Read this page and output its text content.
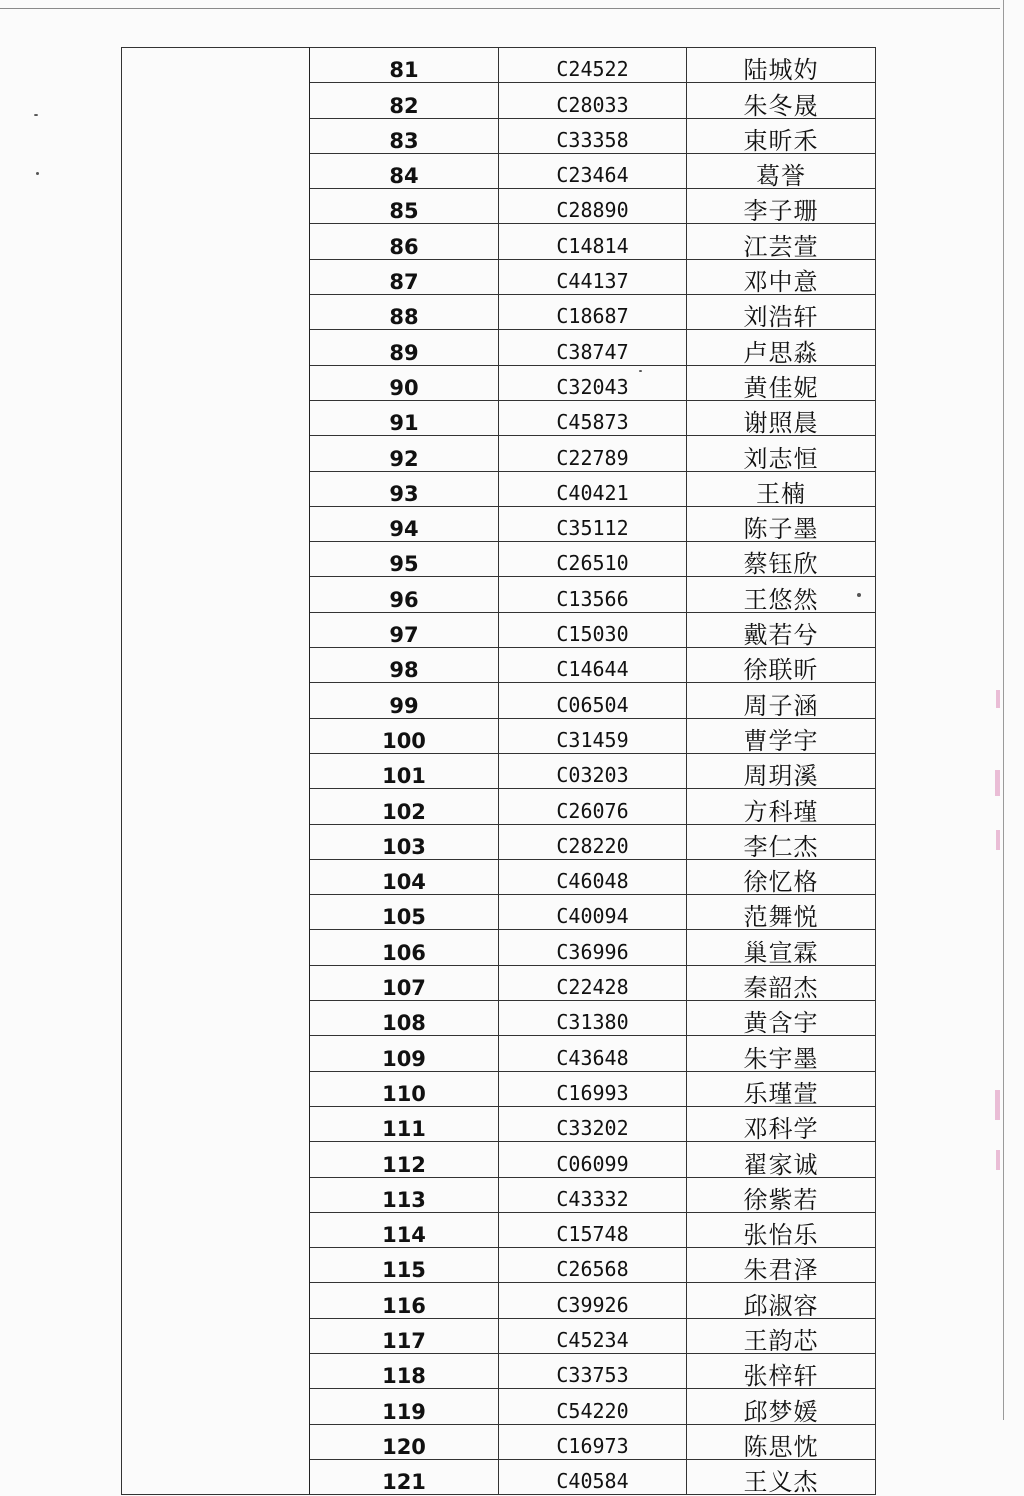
	81	C24522	陆城妁
	82	C28033	朱冬晟
	83	C33358	束昕禾
	84	C23464	葛誉
	85	C28890	李子珊
	86	C14814	江芸萱
	87	C44137	邓中意
	88	C18687	刘浩轩
	89	C38747	卢思淼
	90	C32043	黄佳妮
	91	C45873	谢照晨
	92	C22789	刘志恒
	93	C40421	王楠
	94	C35112	陈子墨
	95	C26510	蔡钰欣
	96	C13566	王悠然
	97	C15030	戴若兮
	98	C14644	徐联昕
	99	C06504	周子涵
	100	C31459	曹学宇
	101	C03203	周玥溪
	102	C26076	方科瑾
	103	C28220	李仁杰
	104	C46048	徐忆格
	105	C40094	范舞悦
	106	C36996	巢宣霖
	107	C22428	秦韶杰
	108	C31380	黄含宇
	109	C43648	朱宇墨
	110	C16993	乐瑾萱
	111	C33202	邓科学
	112	C06099	翟家诚
	113	C43332	徐紫若
	114	C15748	张怡乐
	115	C26568	朱君泽
	116	C39926	邱淑容
	117	C45234	王韵芯
	118	C33753	张梓轩
	119	C54220	邱梦媛
	120	C16973	陈思忱
	121	C40584	王义杰
